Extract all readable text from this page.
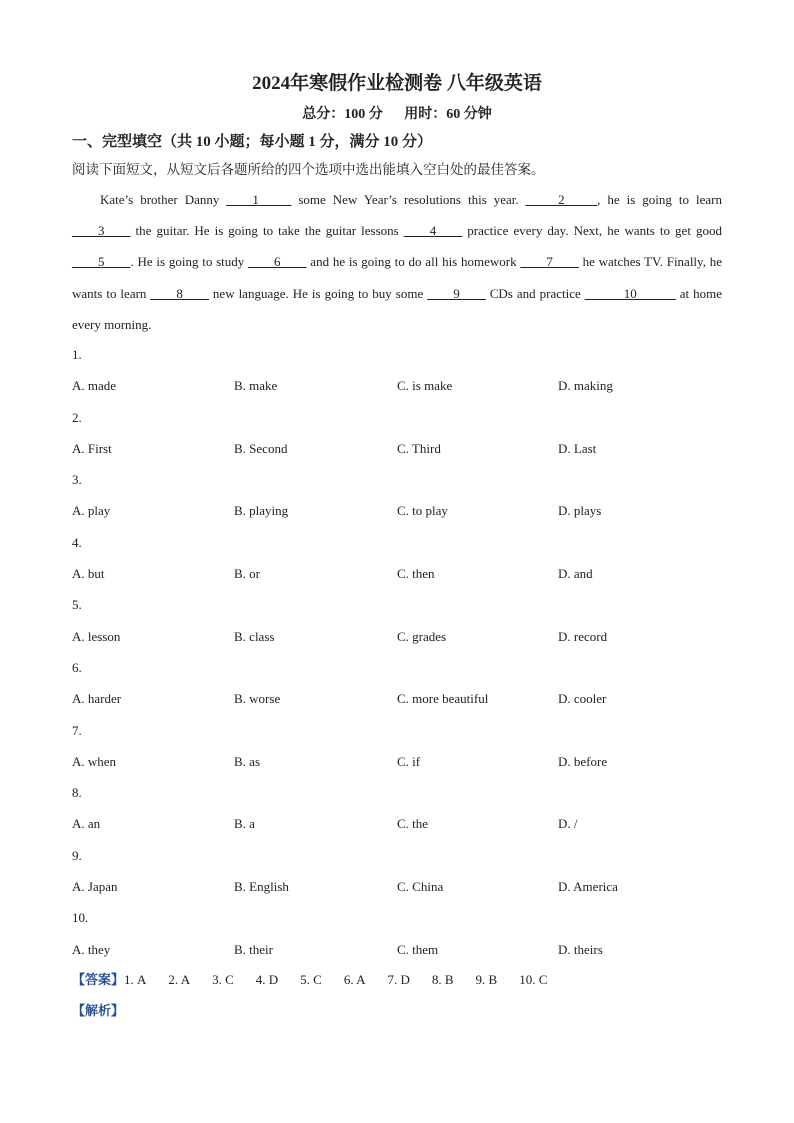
2024年寒假作业检测卷 八年级英语
总分：100 分 用时：60 分钟
一、完型填空（共 10 小题；每小题 1 分，满分 10 分）
阅读下面短文，从短文后各题所给的四个选项中选出能填入空白处的最佳答案。

Kate’s brother Danny ____1_____ some New Year’s resolutions this year. _____2_____, he is going to learn ____3____ the guitar. He is going to take the guitar lessons ____4____ practice every day. Next, he wants to get good ____5____. He is going to study ____6____ and he is going to do all his homework ____7____ he watches TV. Finally, he wants to learn ____8____ new language. He is going to buy some ____9____ CDs and practice ______10______ at home every morning.

1.
A. made	B. make	C. is make	D. making
2.
A. First	B. Second	C. Third	D. Last
3.
A. play	B. playing	C. to play	D. plays
4.
A. but	B. or	C. then	D. and
5.
A. lesson	B. class	C. grades	D. record
6.
A. harder	B. worse	C. more beautiful	D. cooler
7.
A. when	B. as	C. if	D. before
8.
A. an	B. a	C. the	D. /
9.
A. Japan	B. English	C. China	D. America
10.
A. they	B. their	C. them	D. theirs
【答案】1. A 2. A 3. C 4. D 5. C 6. A 7. D 8. B 9. B 10. C
【解析】
